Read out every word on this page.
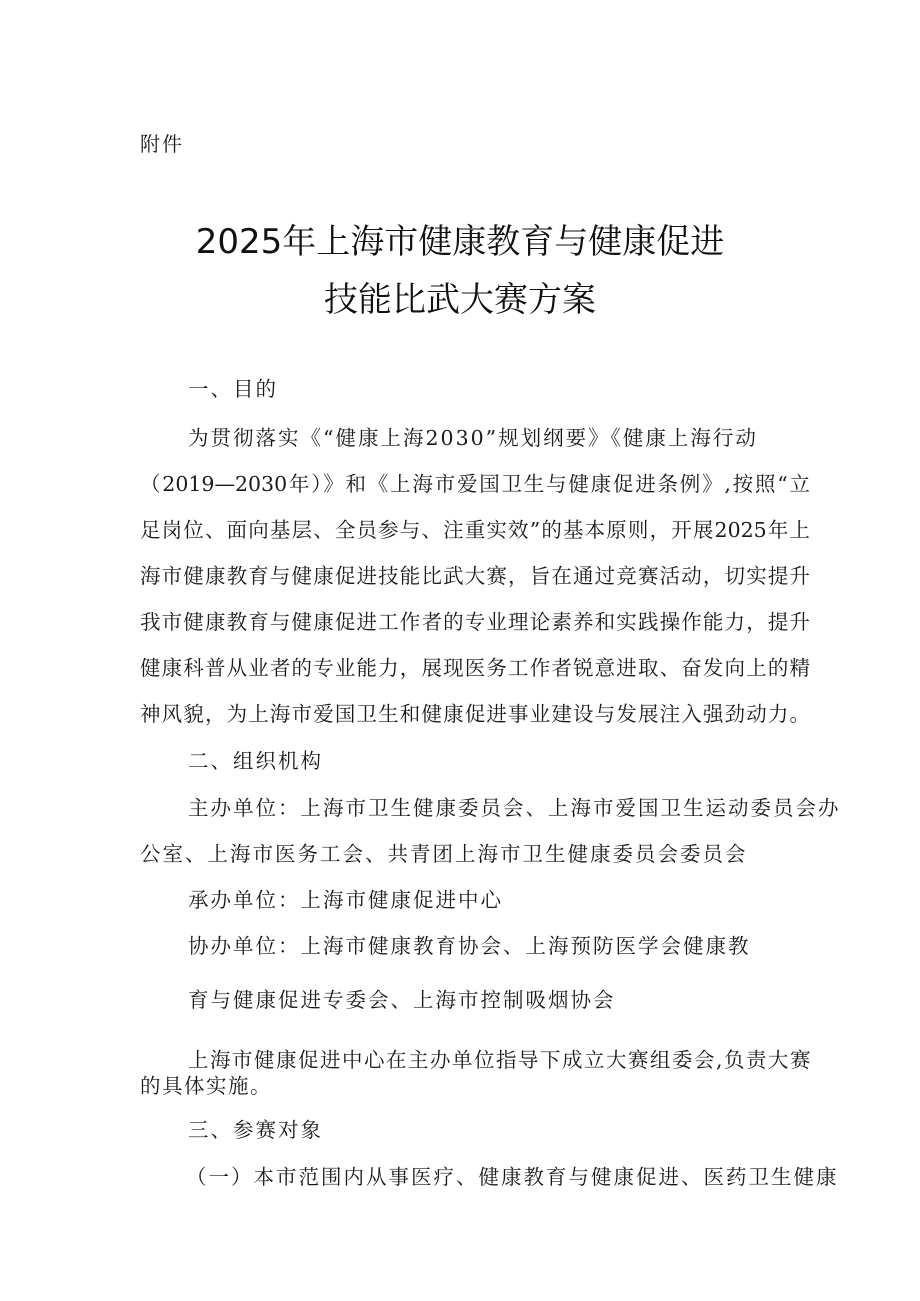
附件
2025年上海市健康教育与健康促进
技能比武大赛方案
一、目的
为贯彻落实《“健康上海2030”规划纲要》《健康上海行动
（2019—2030年）》和《上海市爱国卫生与健康促进条例》,按照“立
足岗位、面向基层、全员参与、注重实效”的基本原则，开展2025年上
海市健康教育与健康促进技能比武大赛，旨在通过竞赛活动，切实提升
我市健康教育与健康促进工作者的专业理论素养和实践操作能力，提升
健康科普从业者的专业能力，展现医务工作者锐意进取、奋发向上的精
神风貌，为上海市爱国卫生和健康促进事业建设与发展注入强劲动力。
二、组织机构
主办单位：上海市卫生健康委员会、上海市爱国卫生运动委员会办
公室、上海市医务工会、共青团上海市卫生健康委员会委员会
承办单位：上海市健康促进中心
协办单位：上海市健康教育协会、上海预防医学会健康教
育与健康促进专委会、上海市控制吸烟协会
上海市健康促进中心在主办单位指导下成立大赛组委会,负责大赛
的具体实施。
三、参赛对象
（一）本市范围内从事医疗、健康教育与健康促进、医药卫生健康
